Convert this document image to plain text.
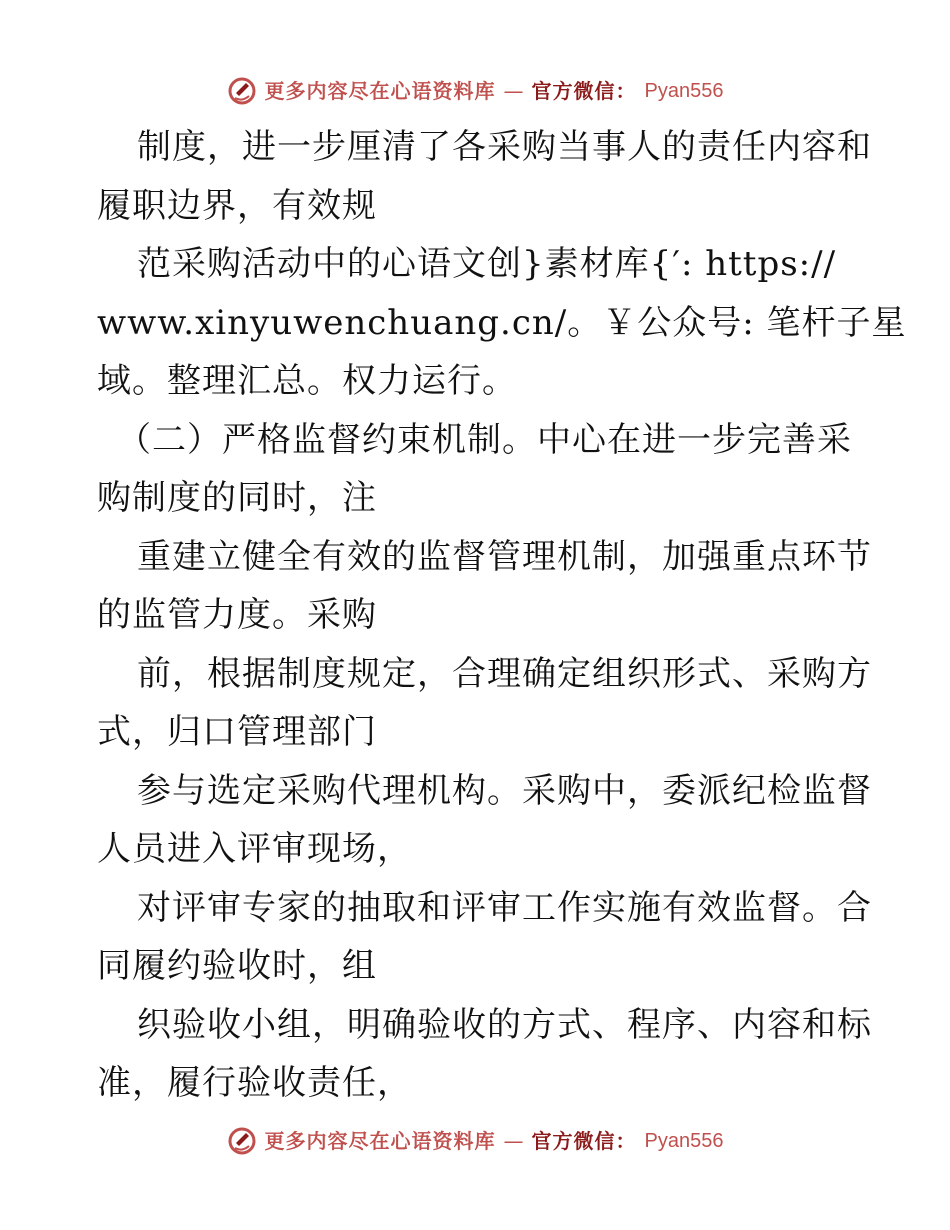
更多内容尽在心语资料库 — 官方微信： Pyan556
制度，进一步厘清了各采购当事人的责任内容和
履职边界，有效规
范采购活动中的心语文创}素材库{′: https://
www.xinyuwenchuang.cn/。￥公众号: 笔杆子星
域。整理汇总。权力运行。
（二）严格监督约束机制。中心在进一步完善采
购制度的同时，注
重建立健全有效的监督管理机制，加强重点环节
的监管力度。采购
前，根据制度规定，合理确定组织形式、采购方
式，归口管理部门
参与选定采购代理机构。采购中，委派纪检监督
人员进入评审现场，
对评审专家的抽取和评审工作实施有效监督。合
同履约验收时，组
织验收小组，明确验收的方式、程序、内容和标
准，履行验收责任，
更多内容尽在心语资料库 — 官方微信： Pyan556
